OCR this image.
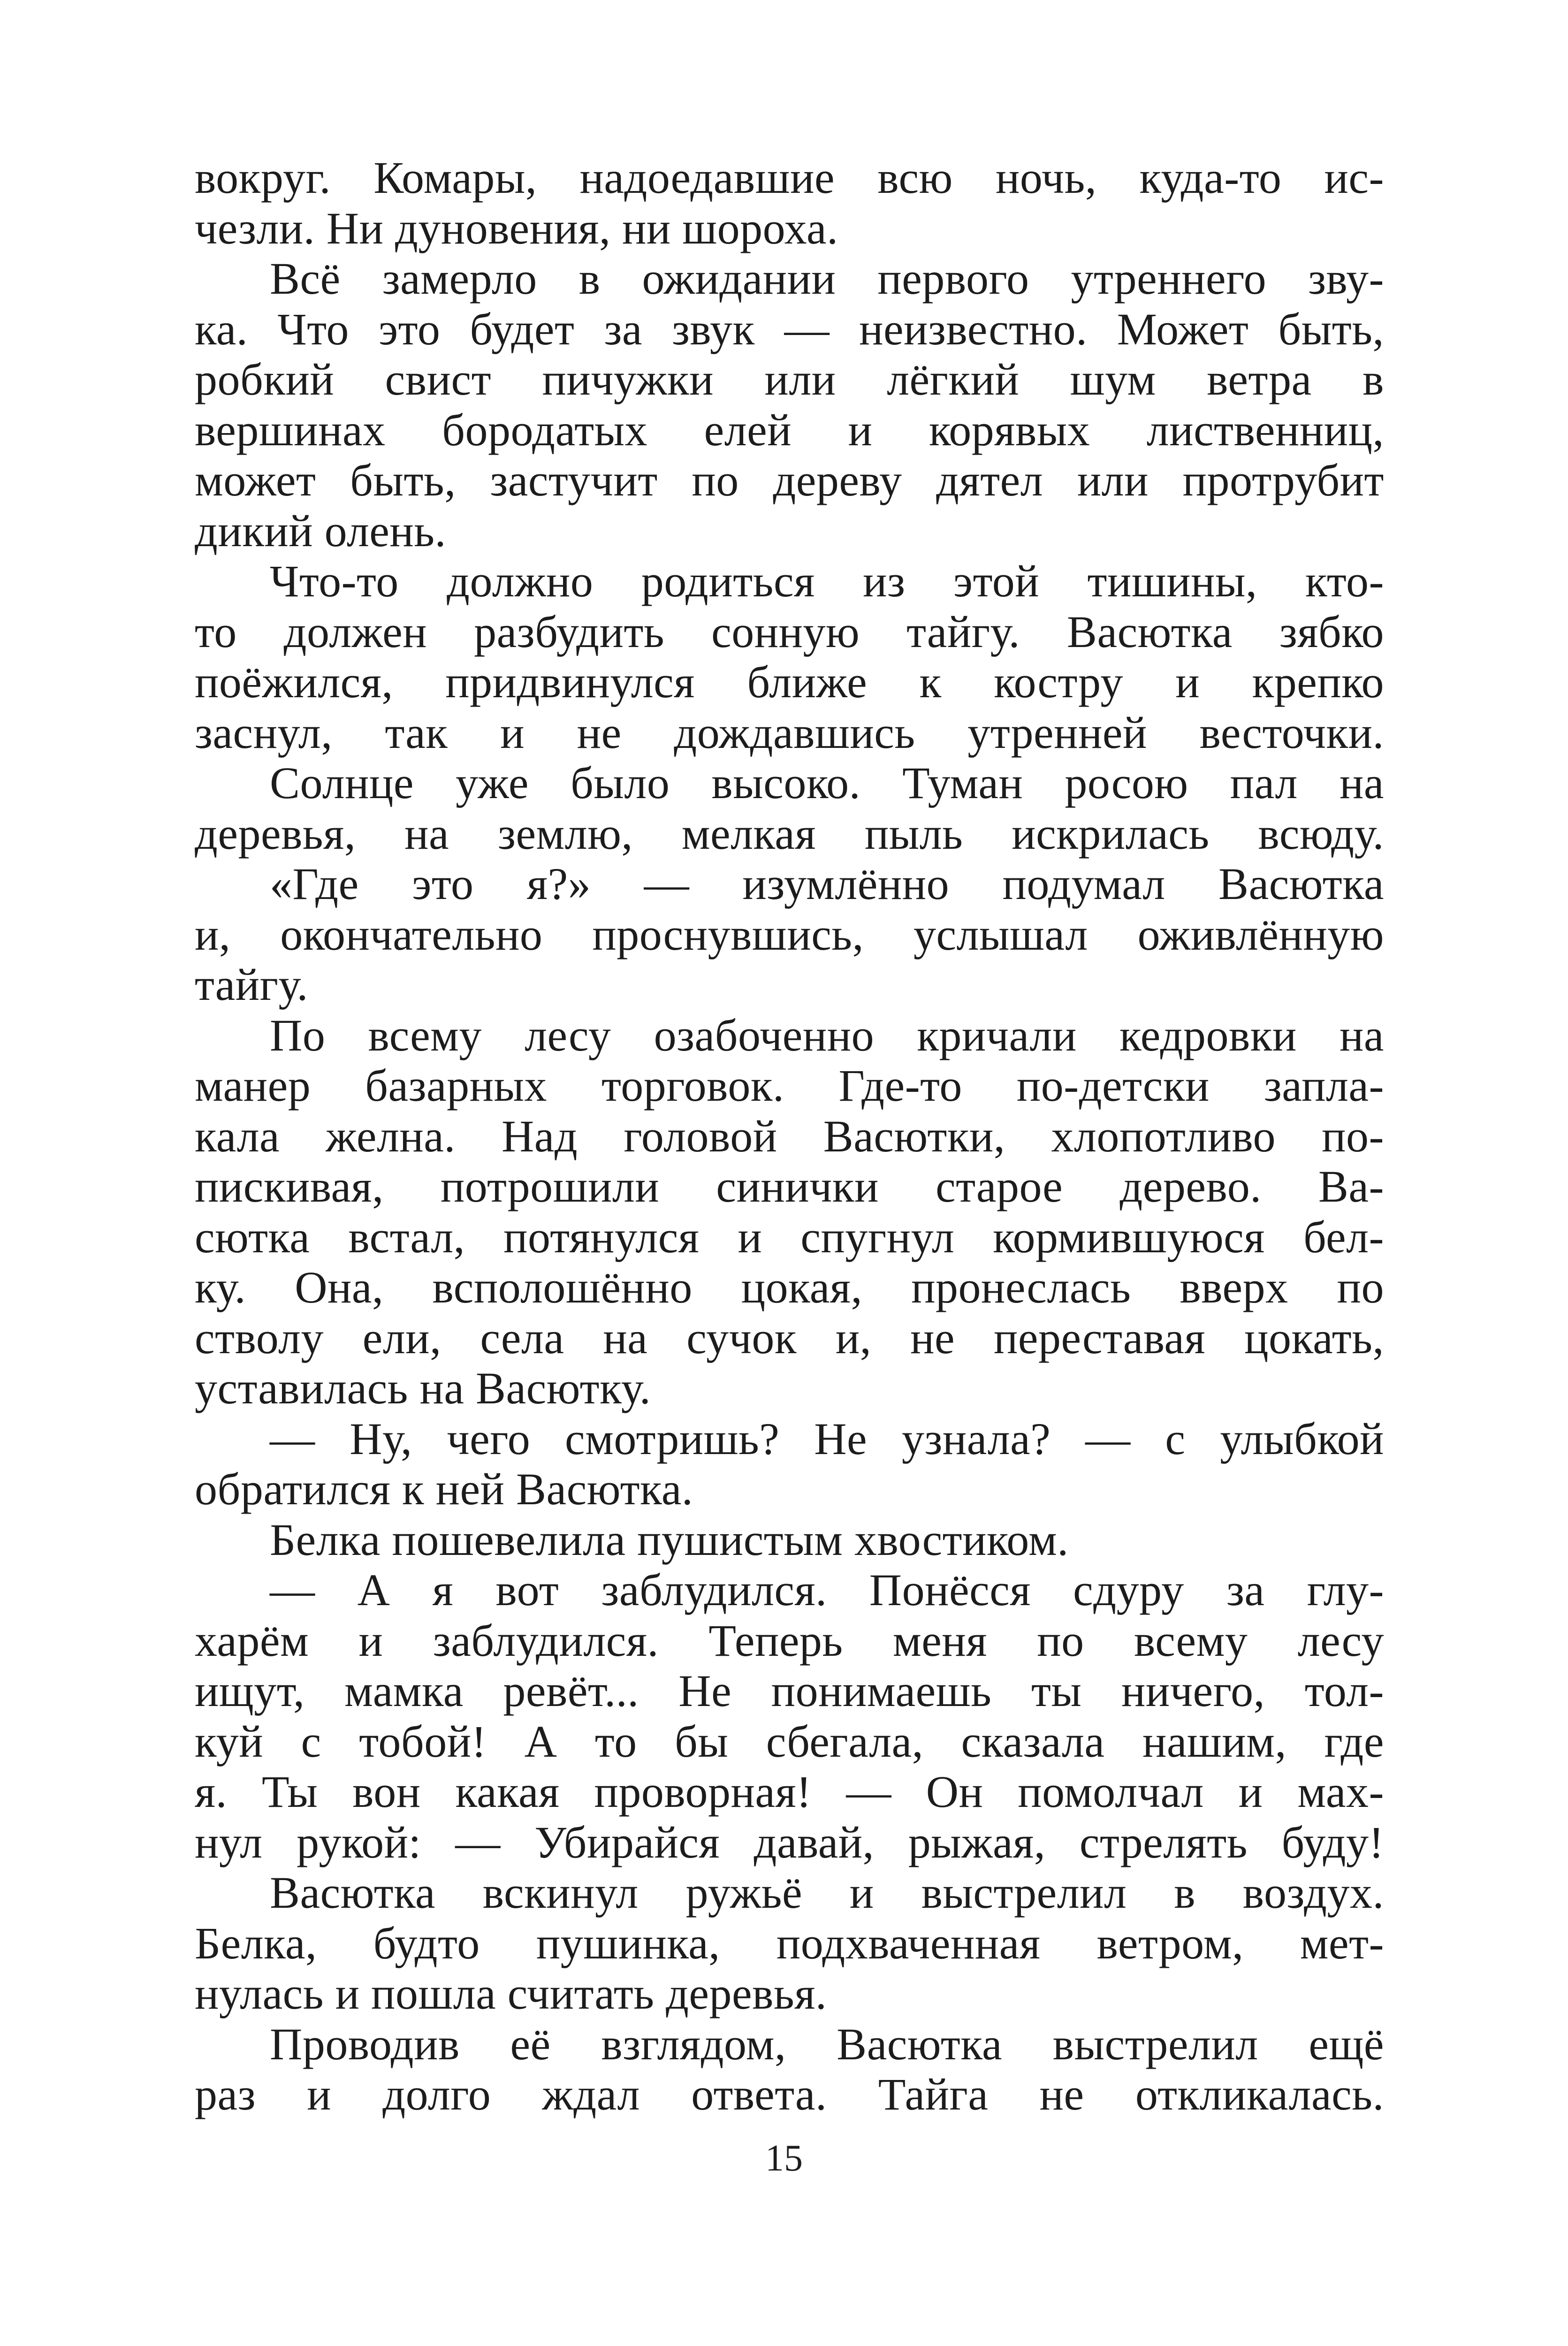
вокруг. Комары, надоедавшие всю ночь, куда-то ис-
чезли. Ни дуновения, ни шороха.
Всё замерло в ожидании первого утреннего зву-
ка. Что это будет за звук — неизвестно. Может быть,
робкий свист пичужки или лёгкий шум ветра в
вершинах бородатых елей и корявых лиственниц,
может быть, застучит по дереву дятел или протрубит
дикий олень.
Что-то должно родиться из этой тишины, кто-
то должен разбудить сонную тайгу. Васютка зябко
поёжился, придвинулся ближе к костру и крепко
заснул, так и не дождавшись утренней весточки.
Солнце уже было высоко. Туман росою пал на
деревья, на землю, мелкая пыль искрилась всюду.
«Где это я?» — изумлённо подумал Васютка
и, окончательно проснувшись, услышал оживлённую
тайгу.
По всему лесу озабоченно кричали кедровки на
манер базарных торговок. Где-то по-детски запла-
кала желна. Над головой Васютки, хлопотливо по-
пискивая, потрошили синички старое дерево. Ва-
сютка встал, потянулся и спугнул кормившуюся бел-
ку. Она, всполошённо цокая, пронеслась вверх по
стволу ели, села на сучок и, не переставая цокать,
уставилась на Васютку.
— Ну, чего смотришь? Не узнала? — с улыбкой
обратился к ней Васютка.
Белка пошевелила пушистым хвостиком.
— А я вот заблудился. Понёсся сдуру за глу-
харём и заблудился. Теперь меня по всему лесу
ищут, мамка ревёт... Не понимаешь ты ничего, тол-
куй с тобой! А то бы сбегала, сказала нашим, где
я. Ты вон какая проворная! — Он помолчал и мах-
нул рукой: — Убирайся давай, рыжая, стрелять буду!
Васютка вскинул ружьё и выстрелил в воздух.
Белка, будто пушинка, подхваченная ветром, мет-
нулась и пошла считать деревья.
Проводив её взглядом, Васютка выстрелил ещё
раз и долго ждал ответа. Тайга не откликалась.
15
